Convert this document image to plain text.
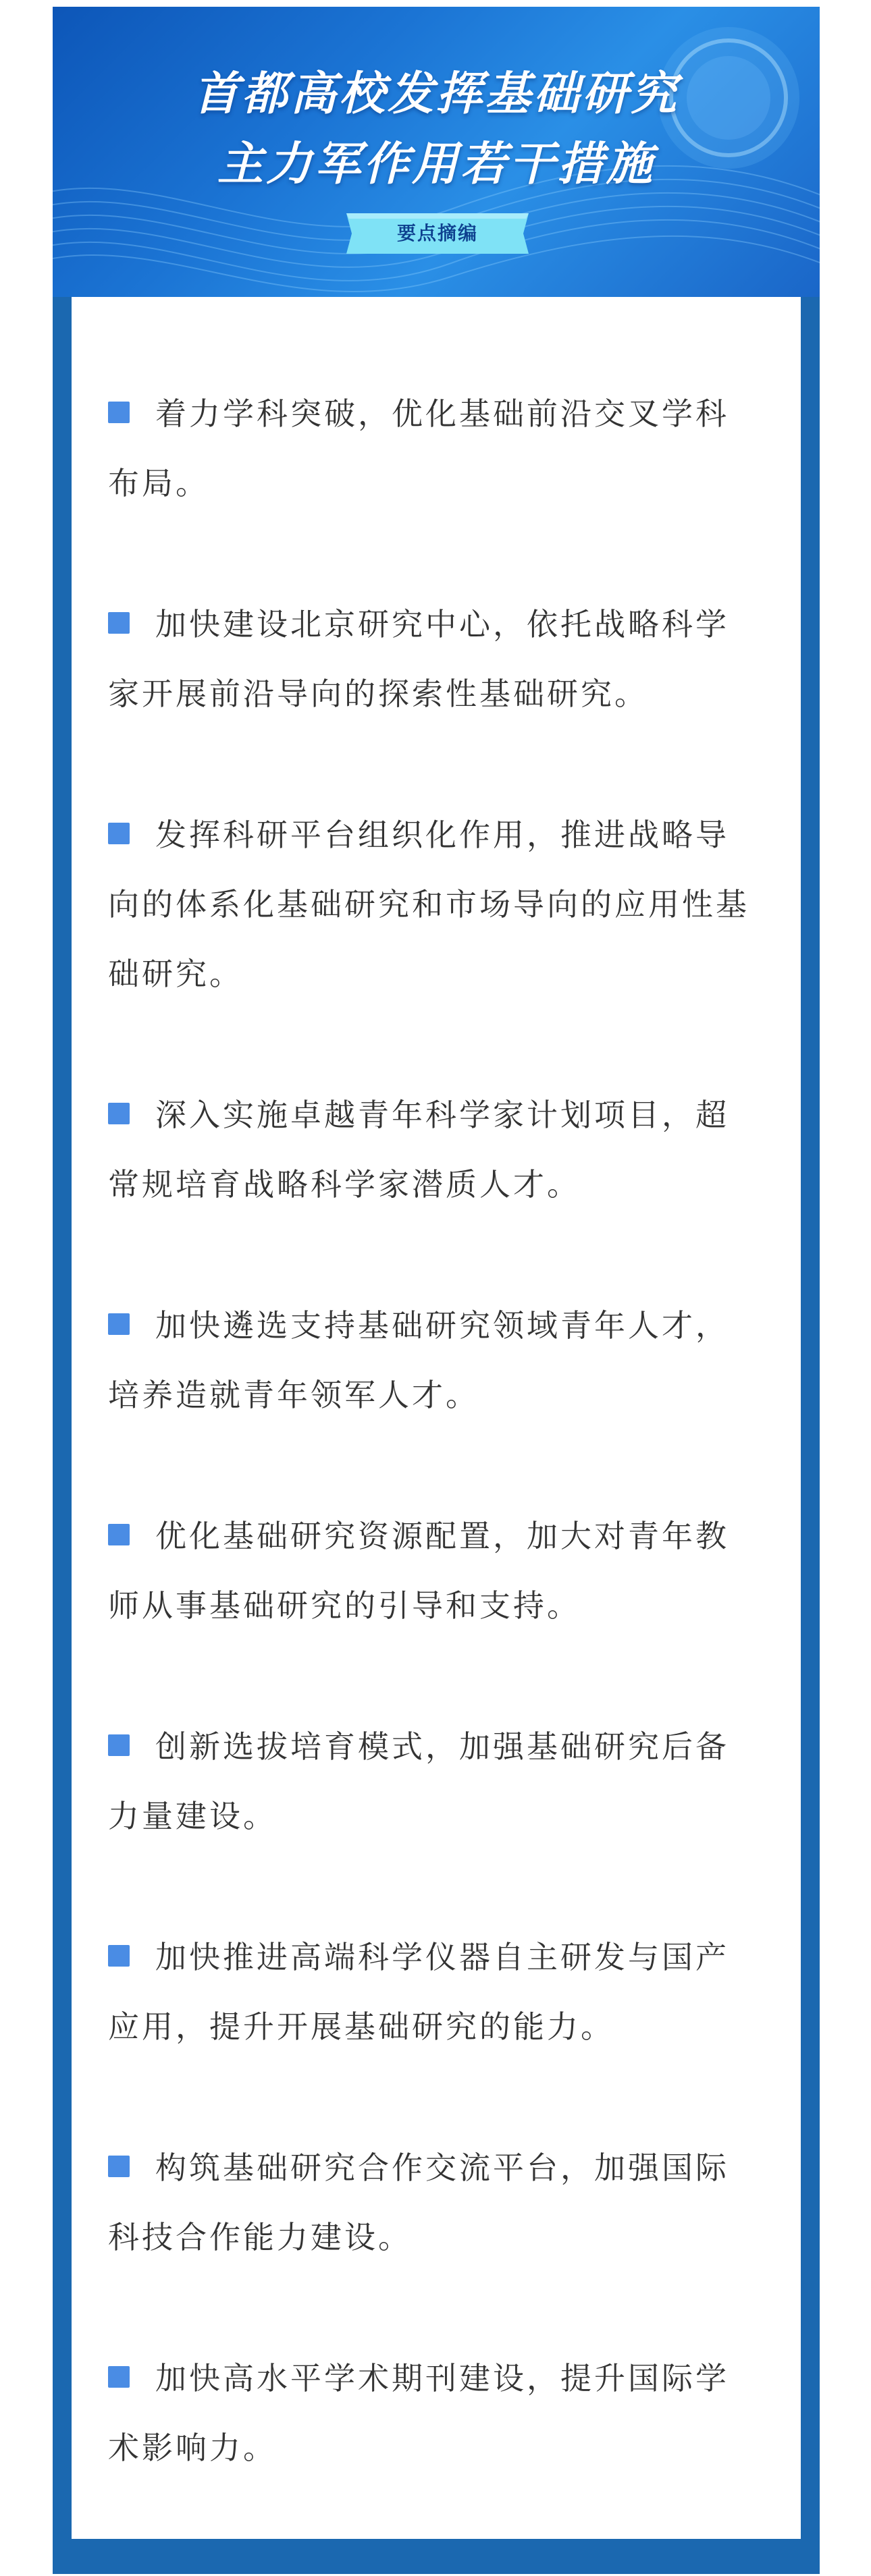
首都高校发挥基础研究
主力军作用若干措施
要点摘编
着力学科突破，优化基础前沿交叉学科布局。
加快建设北京研究中心，依托战略科学家开展前沿导向的探索性基础研究。
发挥科研平台组织化作用，推进战略导向的体系化基础研究和市场导向的应用性基础研究。
深入实施卓越青年科学家计划项目，超常规培育战略科学家潜质人才。
加快遴选支持基础研究领域青年人才，培养造就青年领军人才。
优化基础研究资源配置，加大对青年教师从事基础研究的引导和支持。
创新选拔培育模式，加强基础研究后备力量建设。
加快推进高端科学仪器自主研发与国产应用，提升开展基础研究的能力。
构筑基础研究合作交流平台，加强国际科技合作能力建设。
加快高水平学术期刊建设，提升国际学术影响力。
